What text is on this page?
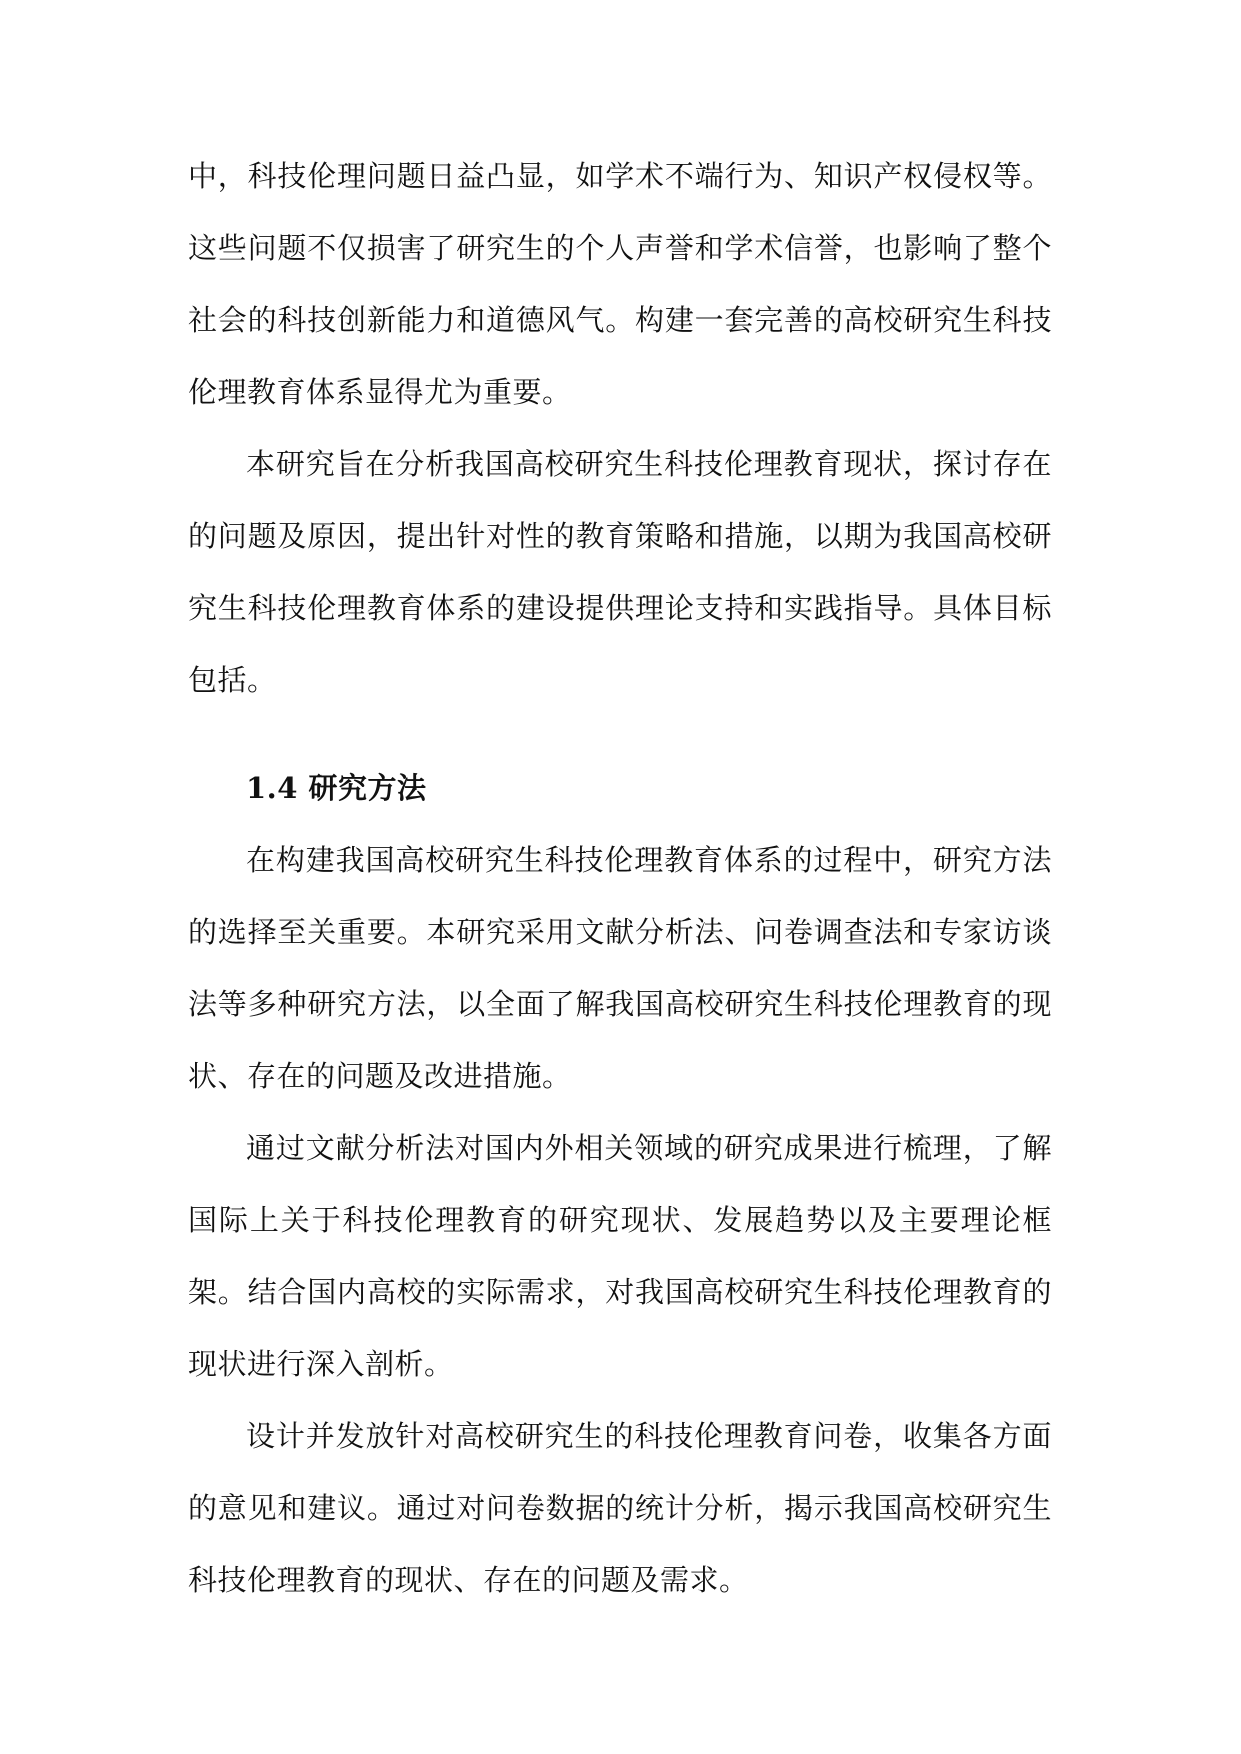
中，科技伦理问题日益凸显，如学术不端行为、知识产权侵权等。这些问题不仅损害了研究生的个人声誉和学术信誉，也影响了整个社会的科技创新能力和道德风气。构建一套完善的高校研究生科技伦理教育体系显得尤为重要。

本研究旨在分析我国高校研究生科技伦理教育现状，探讨存在的问题及原因，提出针对性的教育策略和措施，以期为我国高校研究生科技伦理教育体系的建设提供理论支持和实践指导。具体目标包括。

1.4 研究方法

在构建我国高校研究生科技伦理教育体系的过程中，研究方法的选择至关重要。本研究采用文献分析法、问卷调查法和专家访谈法等多种研究方法，以全面了解我国高校研究生科技伦理教育的现状、存在的问题及改进措施。

通过文献分析法对国内外相关领域的研究成果进行梳理，了解国际上关于科技伦理教育的研究现状、发展趋势以及主要理论框架。结合国内高校的实际需求，对我国高校研究生科技伦理教育的现状进行深入剖析。

设计并发放针对高校研究生的科技伦理教育问卷，收集各方面的意见和建议。通过对问卷数据的统计分析，揭示我国高校研究生科技伦理教育的现状、存在的问题及需求。
